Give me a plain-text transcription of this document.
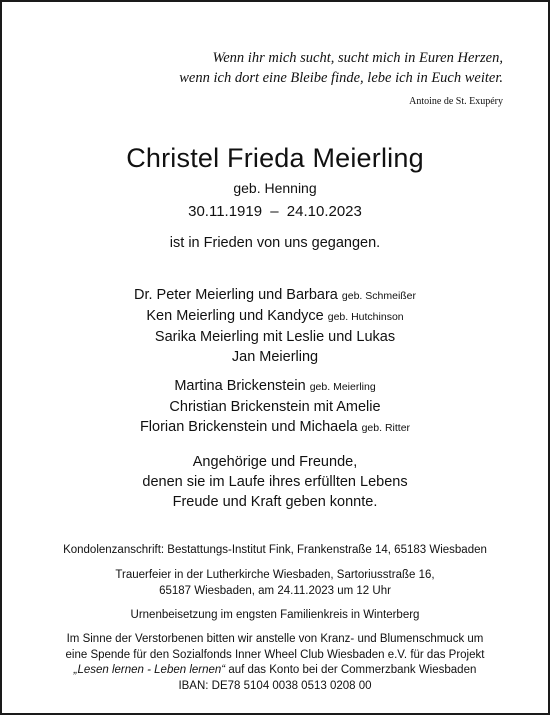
Wenn ihr mich sucht, sucht mich in Euren Herzen,
wenn ich dort eine Bleibe finde, lebe ich in Euch weiter.
Antoine de St. Exupéry
Christel Frieda Meierling
geb. Henning
30.11.1919 – 24.10.2023
ist in Frieden von uns gegangen.
Dr. Peter Meierling und Barbara geb. Schmeißer
Ken Meierling und Kandyce geb. Hutchinson
Sarika Meierling mit Leslie und Lukas
Jan Meierling
Martina Brickenstein geb. Meierling
Christian Brickenstein mit Amelie
Florian Brickenstein und Michaela geb. Ritter
Angehörige und Freunde,
denen sie im Laufe ihres erfüllten Lebens
Freude und Kraft geben konnte.
Kondolenzanschrift: Bestattungs-Institut Fink, Frankenstraße 14, 65183 Wiesbaden
Trauerfeier in der Lutherkirche Wiesbaden, Sartoriusstraße 16,
65187 Wiesbaden, am 24.11.2023 um 12 Uhr
Urnenbeisetzung im engsten Familienkreis in Winterberg
Im Sinne der Verstorbenen bitten wir anstelle von Kranz- und Blumenschmuck um
eine Spende für den Sozialfonds Inner Wheel Club Wiesbaden e.V. für das Projekt
„Lesen lernen - Leben lernen“ auf das Konto bei der Commerzbank Wiesbaden
IBAN: DE78 5104 0038 0513 0208 00
